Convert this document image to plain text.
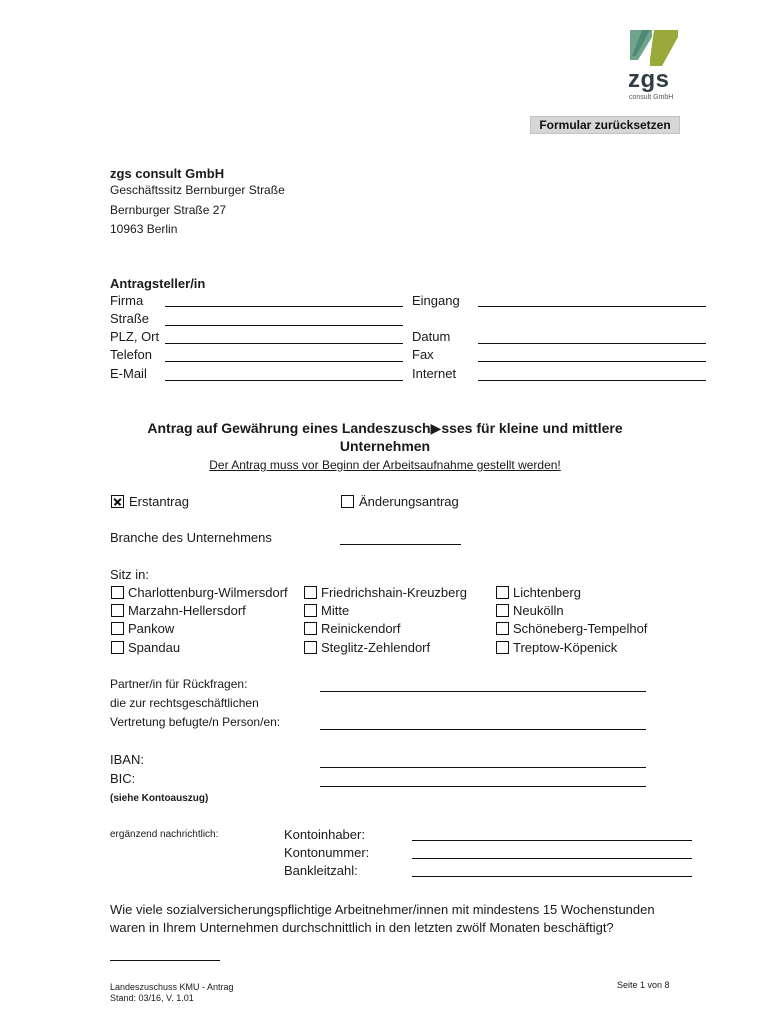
zgs
consult GmbH
Formular zurücksetzen
zgs consult GmbH
Geschäftssitz Bernburger Straße
Bernburger Straße 27
10963 Berlin
Antragsteller/in
Firma
Straße
PLZ, Ort
Telefon
E-Mail
Eingang
Datum
Fax
Internet
Antrag auf Gewährung eines Landeszusch▶sses für kleine und mittlere
Unternehmen
Der Antrag muss vor Beginn der Arbeitsaufnahme gestellt werden!
Erstantrag	Änderungsantrag
Branche des Unternehmens
Sitz in:
Charlottenburg-Wilmersdorf
Marzahn-Hellersdorf
Pankow
Spandau
Friedrichshain-Kreuzberg
Mitte
Reinickendorf
Steglitz-Zehlendorf
Lichtenberg
Neukölln
Schöneberg-Tempelhof
Treptow-Köpenick
Partner/in für Rückfragen:
die zur rechtsgeschäftlichen
Vertretung befugte/n Person/en:
IBAN:
BIC:
(siehe Kontoauszug)
ergänzend nachrichtlich:	Kontoinhaber:
Kontonummer:
Bankleitzahl:
Wie viele sozialversicherungspflichtige Arbeitnehmer/innen mit mindestens 15 Wochenstunden
waren in Ihrem Unternehmen durchschnittlich in den letzten zwölf Monaten beschäftigt?
Landeszuschuss KMU - Antrag
Stand: 03/16, V. 1.01
Seite 1 von 8
